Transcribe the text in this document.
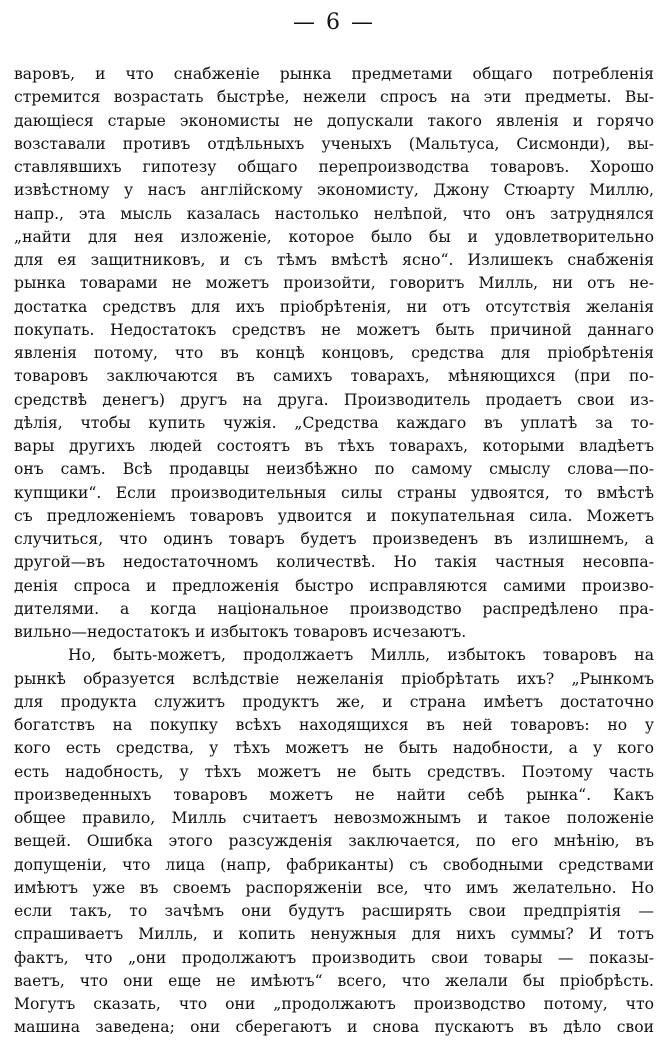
— 6 —
варовъ, и что снабженіе рынка предметами общаго потребленія
стремится возрастать быстрѣе, нежели спросъ на эти предметы. Вы-
дающіеся старые экономисты не допускали такого явленія и горячо
возставали противъ отдѣльныхъ ученыхъ (Мальтуса, Сисмонди), вы-
ставлявшихъ гипотезу общаго перепроизводства товаровъ. Хорошо
извѣстному у насъ англійскому экономисту, Джону Стюарту Миллю,
напр., эта мысль казалась настолько нелѣпой, что онъ затруднялся
„найти для нея изложеніе, которое было бы и удовлетворительно
для ея защитниковъ, и съ тѣмъ вмѣстѣ ясно“. Излишекъ снабженія
рынка товарами не можетъ произойти, говоритъ Милль, ни отъ не-
достатка средствъ для ихъ пріобрѣтенія, ни отъ отсутствія желанія
покупать. Недостатокъ средствъ не можетъ быть причиной даннаго
явленія потому, что въ концѣ концовъ, средства для пріобрѣтенія
товаровъ заключаются въ самихъ товарахъ, мѣняющихся (при по-
средствѣ денегъ) другъ на друга. Производитель продаетъ свои из-
дѣлія, чтобы купить чужія. „Средства каждаго въ уплатѣ за то-
вары другихъ людей состоятъ въ тѣхъ товарахъ, которыми владѣетъ
онъ самъ. Всѣ продавцы неизбѣжно по самому смыслу слова—по-
купщики“. Если производительныя силы страны удвоятся, то вмѣстѣ
съ предложеніемъ товаровъ удвоится и покупательная сила. Можетъ
случиться, что одинъ товаръ будетъ произведенъ въ излишнемъ, а
другой—въ недостаточномъ количествѣ. Но такія частныя несовпа-
денія спроса и предложенія быстро исправляются самими произво-
дителями. а когда національное производство распредѣлено пра-
вильно—недостатокъ и избытокъ товаровъ исчезаютъ.
Но, быть-можетъ, продолжаетъ Милль, избытокъ товаровъ на
рынкѣ образуется вслѣдствіе нежеланія пріобрѣтать ихъ? „Рынкомъ
для продукта служитъ продуктъ же, и страна имѣетъ достаточно
богатствъ на покупку всѣхъ находящихся въ ней товаровъ: но у
кого есть средства, у тѣхъ можетъ не быть надобности, а у кого
есть надобность, у тѣхъ можетъ не быть средствъ. Поэтому часть
произведенныхъ товаровъ можетъ не найти себѣ рынка“. Какъ
общее правило, Милль считаетъ невозможнымъ и такое положеніе
вещей. Ошибка этого разсужденія заключается, по его мнѣнію, въ
допущеніи, что лица (напр, фабриканты) съ свободными средствами
имѣютъ уже въ своемъ распоряженіи все, что имъ желательно. Но
если такъ, то зачѣмъ они будутъ расширять свои предпріятія —
спрашиваетъ Милль, и копить ненужныя для нихъ суммы? И тотъ
фактъ, что „они продолжаютъ производить свои товары — показы-
ваетъ, что они еще не имѣютъ“ всего, что желали бы пріобрѣсть.
Могутъ сказать, что они „продолжаютъ производство потому, что
машина заведена; они сберегаютъ и снова пускаютъ въ дѣло свои
